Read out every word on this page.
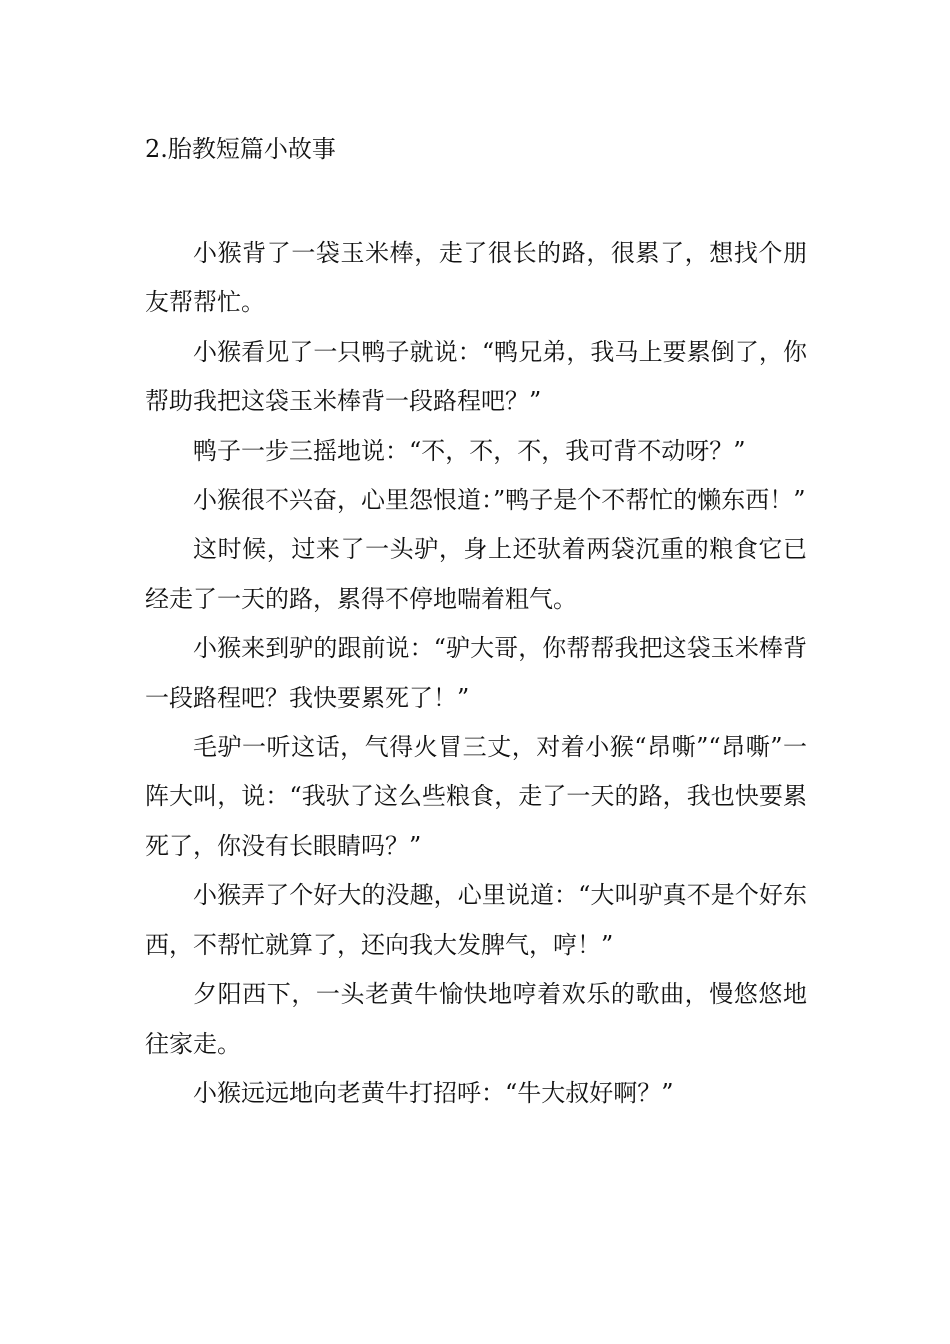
2.胎教短篇小故事

小猴背了一袋玉米棒，走了很长的路，很累了，想找个朋友帮帮忙。

小猴看见了一只鸭子就说：“鸭兄弟，我马上要累倒了，你帮助我把这袋玉米棒背一段路程吧？”

鸭子一步三摇地说：“不，不，不，我可背不动呀？”

小猴很不兴奋，心里怨恨道：”鸭子是个不帮忙的懒东西！”

这时候，过来了一头驴，身上还驮着两袋沉重的粮食它已经走了一天的路，累得不停地喘着粗气。

小猴来到驴的跟前说：“驴大哥，你帮帮我把这袋玉米棒背一段路程吧？我快要累死了！”

毛驴一听这话，气得火冒三丈，对着小猴“昂嘶”“昂嘶”一阵大叫，说：“我驮了这么些粮食，走了一天的路，我也快要累死了，你没有长眼睛吗？”

小猴弄了个好大的没趣，心里说道：“大叫驴真不是个好东西，不帮忙就算了，还向我大发脾气，哼！”

夕阳西下，一头老黄牛愉快地哼着欢乐的歌曲，慢悠悠地往家走。

小猴远远地向老黄牛打招呼：“牛大叔好啊？”
